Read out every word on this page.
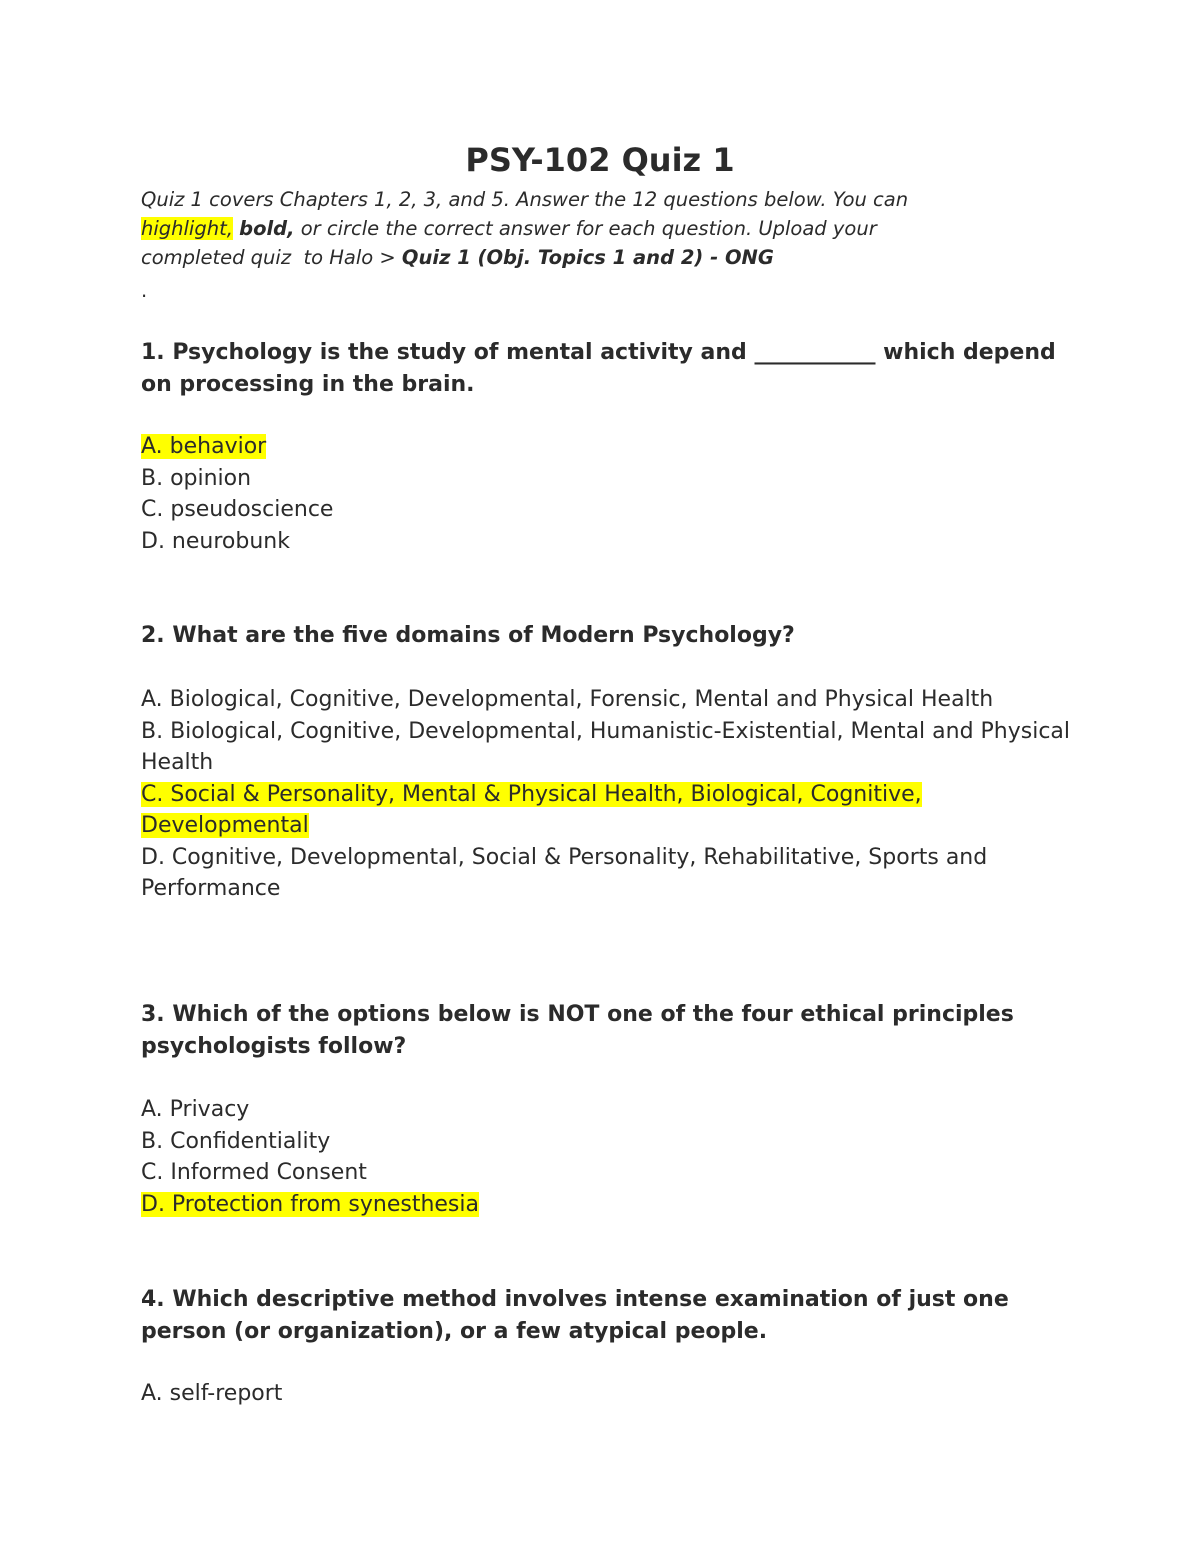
PSY-102 Quiz 1
Quiz 1 covers Chapters 1, 2, 3, and 5. Answer the 12 questions below. You can
highlight, bold, or circle the correct answer for each question. Upload your
completed quiz  to Halo > Quiz 1 (Obj. Topics 1 and 2) - ONG
.
1. Psychology is the study of mental activity and ___________ which depend on processing in the brain.
A. behavior
B. opinion
C. pseudoscience
D. neurobunk
2. What are the five domains of Modern Psychology?
A. Biological, Cognitive, Developmental, Forensic, Mental and Physical Health
B. Biological, Cognitive, Developmental, Humanistic-Existential, Mental and Physical
Health
C. Social & Personality, Mental & Physical Health, Biological, Cognitive, Developmental
D. Cognitive, Developmental, Social & Personality, Rehabilitative, Sports and Performance
3. Which of the options below is NOT one of the four ethical principles psychologists follow?
A. Privacy
B. Confidentiality
C. Informed Consent
D. Protection from synesthesia
4. Which descriptive method involves intense examination of just one person (or organization), or a few atypical people.
A. self-report
